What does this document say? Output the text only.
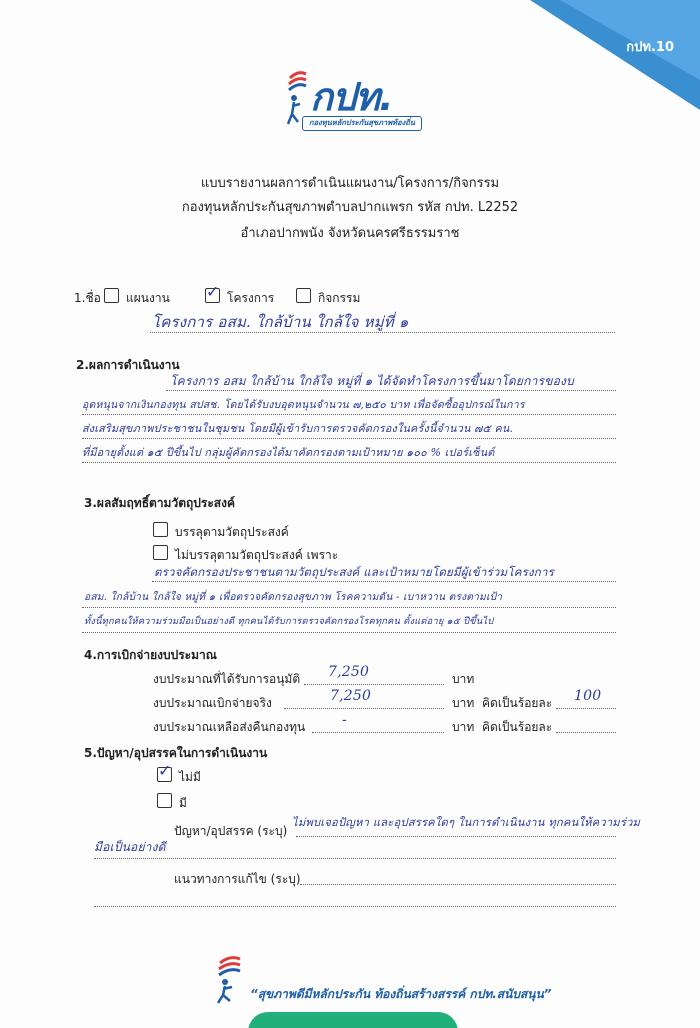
กปท.10
กปท.
กองทุนหลักประกันสุขภาพท้องถิ่น
แบบรายงานผลการดำเนินแผนงาน/โครงการ/กิจกรรม
กองทุนหลักประกันสุขภาพตำบลปากแพรก รหัส กปท. L2252
อำเภอปากพนัง จังหวัดนครศรีธรรมราช
1.ชื่อ แผนงาน ✓ โครงการ	กิจกรรม
โครงการ อสม. ใกล้บ้าน ใกล้ใจ หมู่ที่ ๑
2.ผลการดำเนินงาน
โครงการ อสม ใกล้บ้าน ใกล้ใจ หมู่ที่ ๑ ได้จัดทำโครงการขึ้นมาโดยการของบ
อุดหนุนจากเงินกองทุน สปสช. โดยได้รับงบอุดหนุนจำนวน ๗,๒๕๐ บาท เพื่อจัดซื้ออุปกรณ์ในการ
ส่งเสริมสุขภาพประชาชนในชุมชน โดยมีผู้เข้ารับการตรวจคัดกรองในครั้งนี้จำนวน ๗๕ คน.
ที่มีอายุตั้งแต่ ๑๕ ปีขึ้นไป กลุ่มผู้คัดกรองได้มาคัดกรองตามเป้าหมาย ๑๐๐ % เปอร์เซ็นต์
3.ผลสัมฤทธิ์ตามวัตถุประสงค์
บรรลุตามวัตถุประสงค์
ไม่บรรลุตามวัตถุประสงค์ เพราะ
ตรวจคัดกรองประชาชนตามวัตถุประสงค์ และเป้าหมายโดยมีผู้เข้าร่วมโครงการ
อสม. ใกล้บ้าน ใกล้ใจ หมู่ที่ ๑ เพื่อตรวจคัดกรองสุขภาพ โรคความดัน - เบาหวาน ตรงตามเป้า
ทั้งนี้ทุกคนให้ความร่วมมือเป็นอย่างดี ทุกคนได้รับการตรวจคัดกรองโรคทุกคน ตั้งแต่อายุ ๑๕ ปีขึ้นไป
4.การเบิกจ่ายงบประมาณ
งบประมาณที่ได้รับการอนุมัติ 7,250	บาท
งบประมาณเบิกจ่ายจริง	7,250	บาท คิดเป็นร้อยละ 100
งบประมาณเหลือส่งคืนกองทุน	-	บาท คิดเป็นร้อยละ
5.ปัญหา/อุปสรรคในการดำเนินงาน
✓ ไม่มี
มี
ปัญหา/อุปสรรค (ระบุ)
ไม่พบเจอปัญหา และอุปสรรคใดๆ ในการดำเนินงาน ทุกคนให้ความร่วม
มือเป็นอย่างดี
แนวทางการแก้ไข (ระบุ)
“สุขภาพดีมีหลักประกัน ท้องถิ่นสร้างสรรค์ กปท.สนับสนุน”
